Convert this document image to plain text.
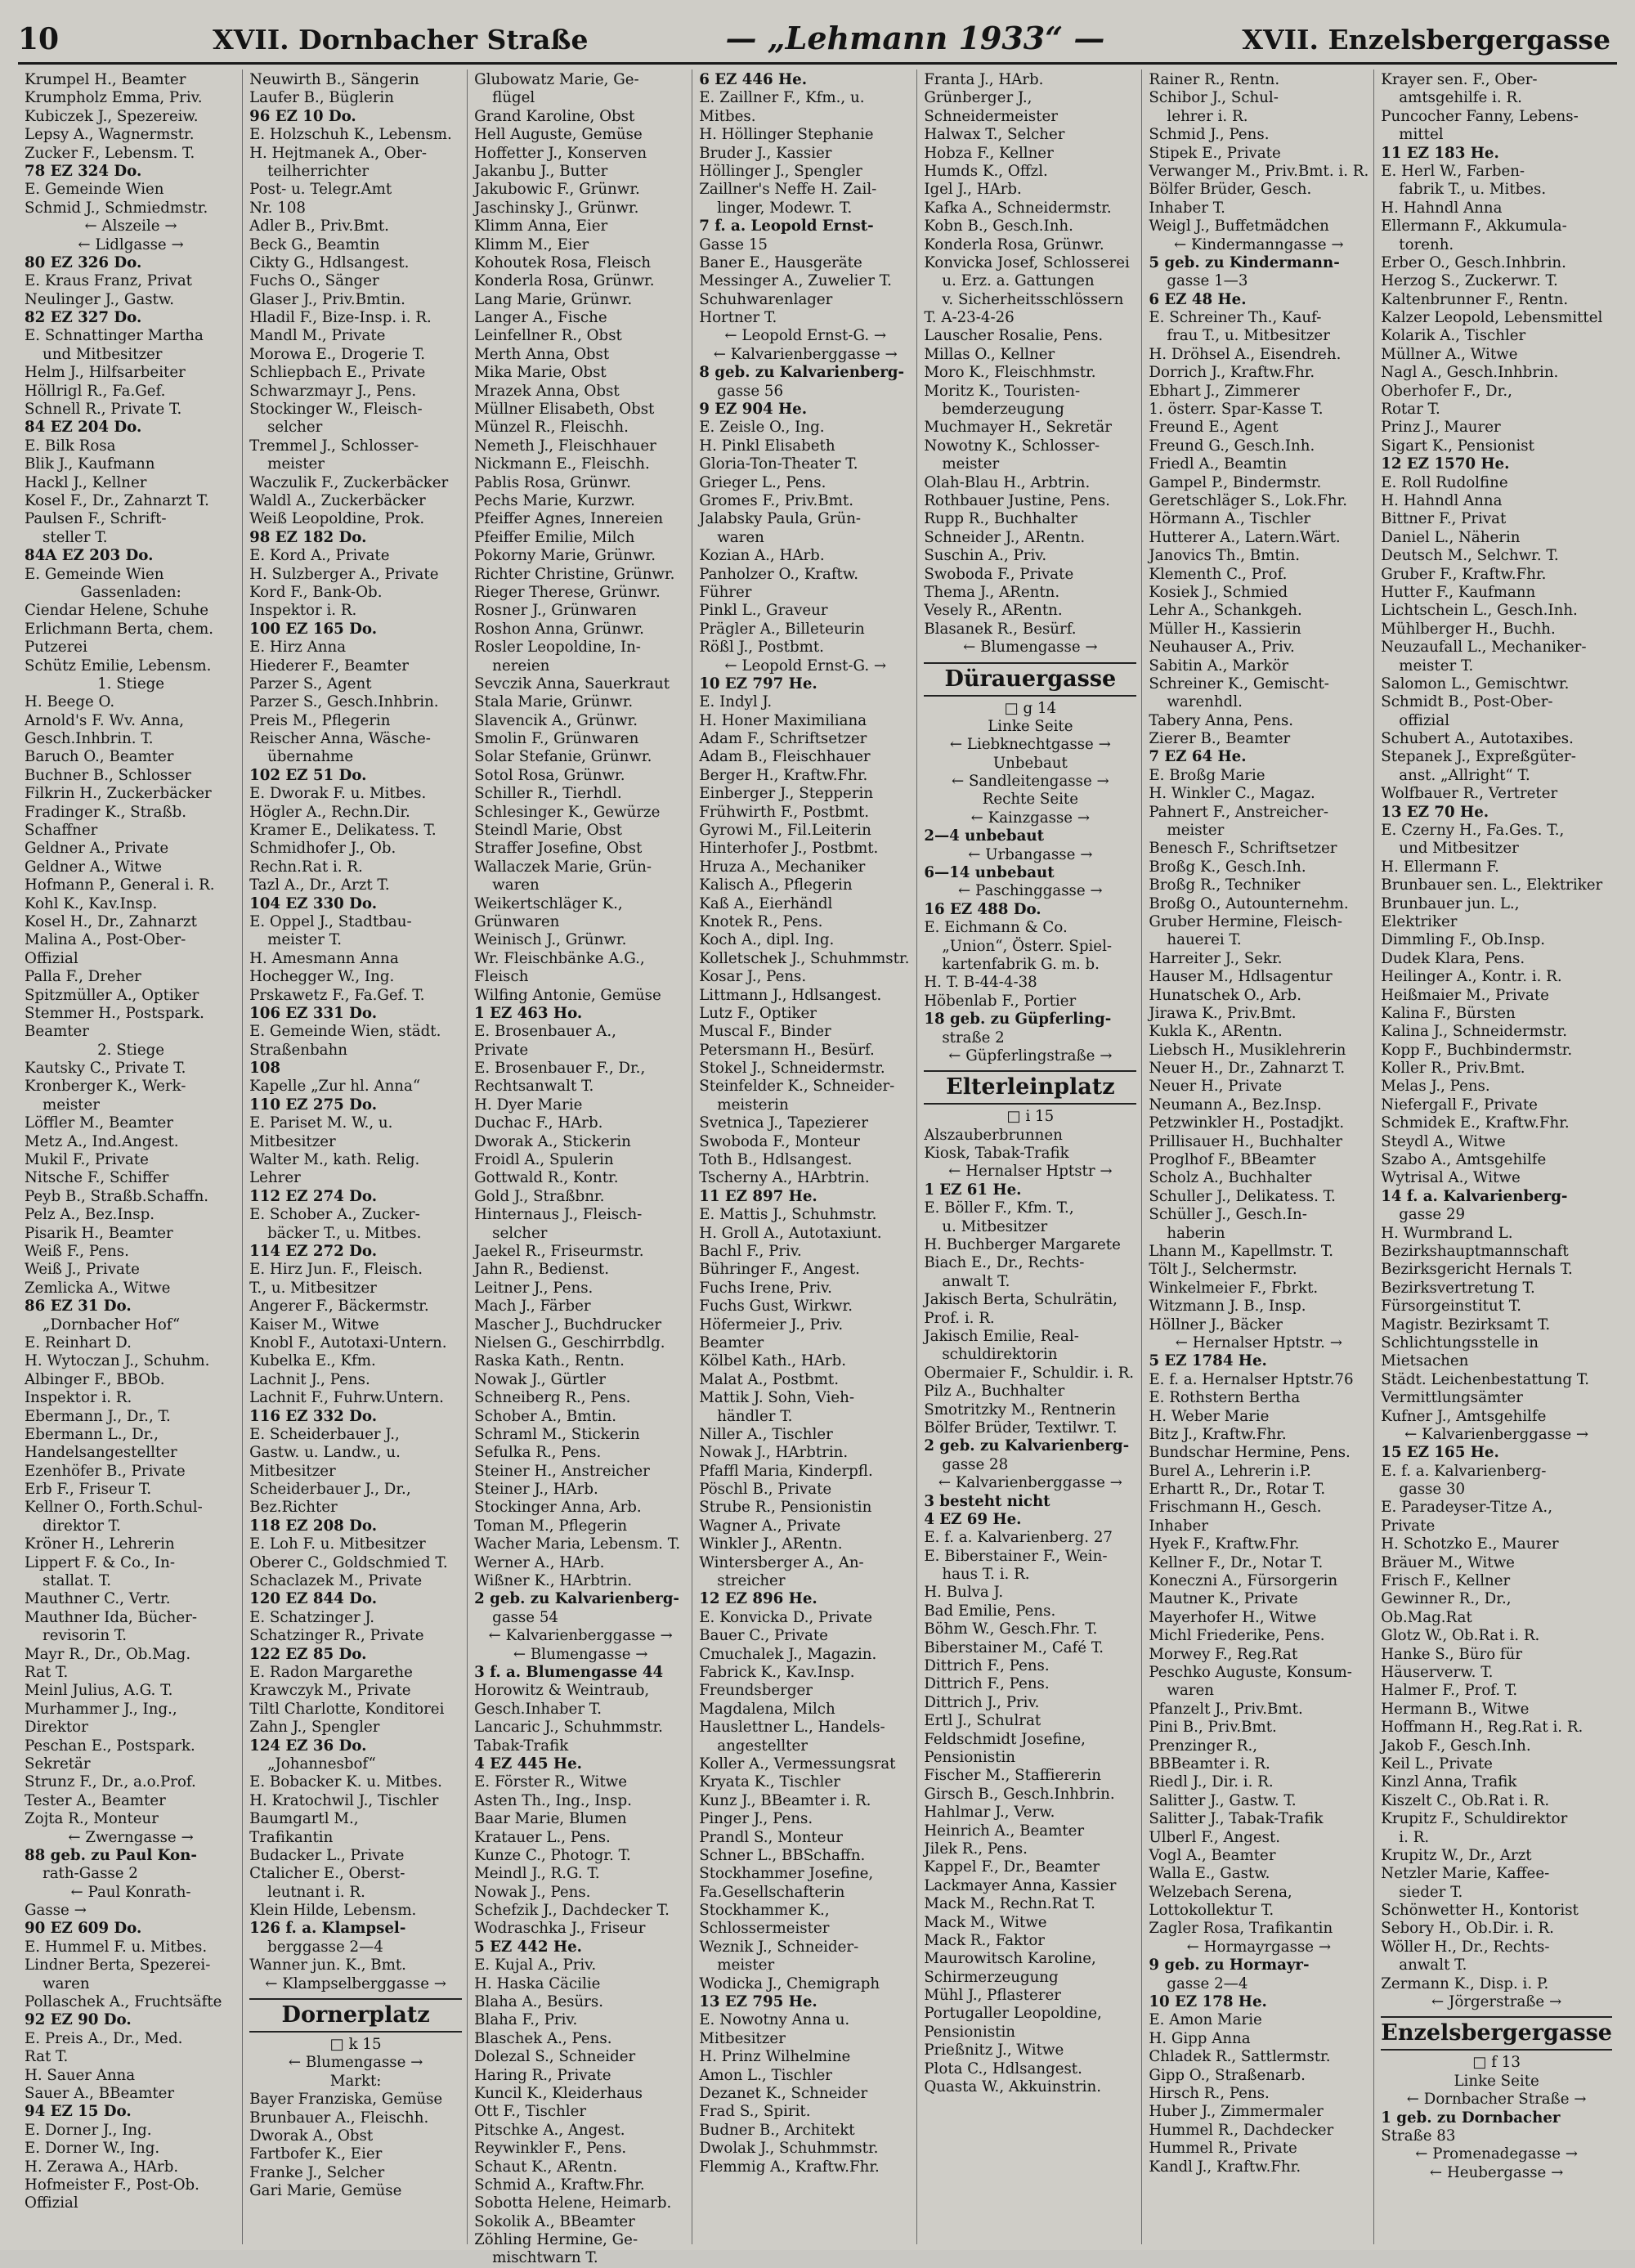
10	XVII. Dornbacher Straße	— „Lehmann 1933“ —	XVII. Enzelsbergergasse
Krumpel H., Beamter
Krumpholz Emma, Priv.
Kubiczek J., Spezereiw.
Lepsy A., Wagnermstr.
Zucker F., Lebensm. T.
78 EZ 324 Do.
E. Gemeinde Wien
Schmid J., Schmiedmstr.
← Alszeile →
← Lidlgasse →
80 EZ 326 Do.
E. Kraus Franz, Privat
Neulinger J., Gastw.
82 EZ 327 Do.
E. Schnattinger Martha
und Mitbesitzer
Helm J., Hilfsarbeiter
Höllrigl R., Fa.Gef.
Schnell R., Private T.
84 EZ 204 Do.
E. Bilk Rosa
Blik J., Kaufmann
Hackl J., Kellner
Kosel F., Dr., Zahnarzt T.
Paulsen F., Schrift-
steller T.
84A EZ 203 Do.
E. Gemeinde Wien
Gassenladen:
Ciendar Helene, Schuhe
Erlichmann Berta, chem.
Putzerei
Schütz Emilie, Lebensm.
1. Stiege
H. Beege O.
Arnold's F. Wv. Anna,
Gesch.Inhbrin. T.
Baruch O., Beamter
Buchner B., Schlosser
Filkrin H., Zuckerbäcker
Fradinger K., Straßb.
Schaffner
Geldner A., Private
Geldner A., Witwe
Hofmann P., General i. R.
Kohl K., Kav.Insp.
Kosel H., Dr., Zahnarzt
Malina A., Post-Ober-
Offizial
Palla F., Dreher
Spitzmüller A., Optiker
Stemmer H., Postspark.
Beamter
2. Stiege
Kautsky C., Private T.
Kronberger K., Werk-
meister
Löffler M., Beamter
Metz A., Ind.Angest.
Mukil F., Private
Nitsche F., Schiffer
Peyb B., Straßb.Schaffn.
Pelz A., Bez.Insp.
Pisarik H., Beamter
Weiß F., Pens.
Weiß J., Private
Zemlicka A., Witwe
86 EZ 31 Do.
„Dornbacher Hof“
E. Reinhart D.
H. Wytoczan J., Schuhm.
Albinger F., BBOb.
Inspektor i. R.
Ebermann J., Dr., T.
Ebermann L., Dr.,
Handelsangestellter
Ezenhöfer B., Private
Erb F., Friseur T.
Kellner O., Forth.Schul-
direktor T.
Kröner H., Lehrerin
Lippert F. & Co., In-
stallat. T.
Mauthner C., Vertr.
Mauthner Ida, Bücher-
revisorin T.
Mayr R., Dr., Ob.Mag.
Rat T.
Meinl Julius, A.G. T.
Murhammer J., Ing.,
Direktor
Peschan E., Postspark.
Sekretär
Strunz F., Dr., a.o.Prof.
Tester A., Beamter
Zojta R., Monteur
← Zwerngasse →
88 geb. zu Paul Kon-
rath-Gasse 2
← Paul Konrath-
Gasse →
90 EZ 609 Do.
E. Hummel F. u. Mitbes.
Lindner Berta, Spezerei-
waren
Pollaschek A., Fruchtsäfte
92 EZ 90 Do.
E. Preis A., Dr., Med.
Rat T.
H. Sauer Anna
Sauer A., BBeamter
94 EZ 15 Do.
E. Dorner J., Ing.
E. Dorner W., Ing.
H. Zerawa A., HArb.
Hofmeister F., Post-Ob.
Offizial
Neuwirth B., Sängerin
Laufer B., Büglerin
96 EZ 10 Do.
E. Holzschuh K., Lebensm.
H. Hejtmanek A., Ober-
teilherrichter
Post- u. Telegr.Amt
Nr. 108
Adler B., Priv.Bmt.
Beck G., Beamtin
Cikty G., Hdlsangest.
Fuchs O., Sänger
Glaser J., Priv.Bmtin.
Hladil F., Bize-Insp. i. R.
Mandl M., Private
Morowa E., Drogerie T.
Schliepbach E., Private
Schwarzmayr J., Pens.
Stockinger W., Fleisch-
selcher
Tremmel J., Schlosser-
meister
Waczulik F., Zuckerbäcker
Waldl A., Zuckerbäcker
Weiß Leopoldine, Prok.
98 EZ 182 Do.
E. Kord A., Private
H. Sulzberger A., Private
Kord F., Bank-Ob.
Inspektor i. R.
100 EZ 165 Do.
E. Hirz Anna
Hiederer F., Beamter
Parzer S., Agent
Parzer S., Gesch.Inhbrin.
Preis M., Pflegerin
Reischer Anna, Wäsche-
übernahme
102 EZ 51 Do.
E. Dworak F. u. Mitbes.
Högler A., Rechn.Dir.
Kramer E., Delikatess. T.
Schmidhofer J., Ob.
Rechn.Rat i. R.
Tazl A., Dr., Arzt T.
104 EZ 330 Do.
E. Oppel J., Stadtbau-
meister T.
H. Amesmann Anna
Hochegger W., Ing.
Prskawetz F., Fa.Gef. T.
106 EZ 331 Do.
E. Gemeinde Wien, städt.
Straßenbahn
108
Kapelle „Zur hl. Anna“
110 EZ 275 Do.
E. Pariset M. W., u.
Mitbesitzer
Walter M., kath. Relig.
Lehrer
112 EZ 274 Do.
E. Schober A., Zucker-
bäcker T., u. Mitbes.
114 EZ 272 Do.
E. Hirz Jun. F., Fleisch.
T., u. Mitbesitzer
Angerer F., Bäckermstr.
Kaiser M., Witwe
Knobl F., Autotaxi-Untern.
Kubelka E., Kfm.
Lachnit J., Pens.
Lachnit F., Fuhrw.Untern.
116 EZ 332 Do.
E. Scheiderbauer J.,
Gastw. u. Landw., u.
Mitbesitzer
Scheiderbauer J., Dr.,
Bez.Richter
118 EZ 208 Do.
E. Loh F. u. Mitbesitzer
Oberer C., Goldschmied T.
Schaclazek M., Private
120 EZ 844 Do.
E. Schatzinger J.
Schatzinger R., Private
122 EZ 85 Do.
E. Radon Margarethe
Krawczyk M., Private
Tiltl Charlotte, Konditorei
Zahn J., Spengler
124 EZ 36 Do.
„Johannesbof“
E. Bobacker K. u. Mitbes.
H. Kratochwil J., Tischler
Baumgartl M.,
Trafikantin
Budacker L., Private
Ctalicher E., Oberst-
leutnant i. R.
Klein Hilde, Lebensm.
126 f. a. Klampsel-
berggasse 2—4
Wanner jun. K., Bmt.
← Klampselberggasse →
Dornerplatz
□ k 15
← Blumengasse →
Markt:
Bayer Franziska, Gemüse
Brunbauer A., Fleischh.
Dworak A., Obst
Fartbofer K., Eier
Franke J., Selcher
Gari Marie, Gemüse
Glubowatz Marie, Ge-
flügel
Grand Karoline, Obst
Hell Auguste, Gemüse
Hoffetter J., Konserven
Jakanbu J., Butter
Jakubowic F., Grünwr.
Jaschinsky J., Grünwr.
Klimm Anna, Eier
Klimm M., Eier
Kohoutek Rosa, Fleisch
Konderla Rosa, Grünwr.
Lang Marie, Grünwr.
Langer A., Fische
Leinfellner R., Obst
Merth Anna, Obst
Mika Marie, Obst
Mrazek Anna, Obst
Müllner Elisabeth, Obst
Münzel R., Fleischh.
Nemeth J., Fleischhauer
Nickmann E., Fleischh.
Pablis Rosa, Grünwr.
Pechs Marie, Kurzwr.
Pfeiffer Agnes, Innereien
Pfeiffer Emilie, Milch
Pokorny Marie, Grünwr.
Richter Christine, Grünwr.
Rieger Therese, Grünwr.
Rosner J., Grünwaren
Roshon Anna, Grünwr.
Rosler Leopoldine, In-
nereien
Sevczik Anna, Sauerkraut
Stala Marie, Grünwr.
Slavencik A., Grünwr.
Smolin F., Grünwaren
Solar Stefanie, Grünwr.
Sotol Rosa, Grünwr.
Schiller R., Tierhdl.
Schlesinger K., Gewürze
Steindl Marie, Obst
Straffer Josefine, Obst
Wallaczek Marie, Grün-
waren
Weikertschläger K.,
Grünwaren
Weinisch J., Grünwr.
Wr. Fleischbänke A.G.,
Fleisch
Wilfing Antonie, Gemüse
1 EZ 463 Ho.
E. Brosenbauer A.,
Private
E. Brosenbauer F., Dr.,
Rechtsanwalt T.
H. Dyer Marie
Duchac F., HArb.
Dworak A., Stickerin
Froidl A., Spulerin
Gottwald R., Kontr.
Gold J., Straßbnr.
Hinternaus J., Fleisch-
selcher
Jaekel R., Friseurmstr.
Jahn R., Bedienst.
Leitner J., Pens.
Mach J., Färber
Mascher J., Buchdrucker
Nielsen G., Geschirrbdlg.
Raska Kath., Rentn.
Nowak J., Gürtler
Schneiberg R., Pens.
Schober A., Bmtin.
Schraml M., Stickerin
Sefulka R., Pens.
Steiner H., Anstreicher
Steiner J., HArb.
Stockinger Anna, Arb.
Toman M., Pflegerin
Wacher Maria, Lebensm. T.
Werner A., HArb.
Wißner K., HArbtrin.
2 geb. zu Kalvarienberg-
gasse 54
← Kalvarienberggasse →
← Blumengasse →
3 f. a. Blumengasse 44
Horowitz & Weintraub,
Gesch.Inhaber T.
Lancaric J., Schuhmmstr.
Tabak-Trafik
4 EZ 445 He.
E. Förster R., Witwe
Asten Th., Ing., Insp.
Baar Marie, Blumen
Kratauer L., Pens.
Kunze C., Photogr. T.
Meindl J., R.G. T.
Nowak J., Pens.
Schefzik J., Dachdecker T.
Wodraschka J., Friseur
5 EZ 442 He.
E. Kujal A., Priv.
H. Haska Cäcilie
Blaha A., Besürs.
Blaha F., Priv.
Blaschek A., Pens.
Dolezal S., Schneider
Haring R., Private
Kuncil K., Kleiderhaus
Ott F., Tischler
Pitschke A., Angest.
Reywinkler F., Pens.
Schaut K., ARentn.
Schmid A., Kraftw.Fhr.
Sobotta Helene, Heimarb.
Sokolik A., BBeamter
Zöhling Hermine, Ge-
mischtwarn T.
6 EZ 446 He.
E. Zaillner F., Kfm., u.
Mitbes.
H. Höllinger Stephanie
Bruder J., Kassier
Höllinger J., Spengler
Zaillner's Neffe H. Zail-
linger, Modewr. T.
7 f. a. Leopold Ernst-
Gasse 15
Baner E., Hausgeräte
Messinger A., Zuwelier T.
Schuhwarenlager
Hortner T.
← Leopold Ernst-G. →
← Kalvarienberggasse →
8 geb. zu Kalvarienberg-
gasse 56
9 EZ 904 He.
E. Zeisle O., Ing.
H. Pinkl Elisabeth
Gloria-Ton-Theater T.
Grieger L., Pens.
Gromes F., Priv.Bmt.
Jalabsky Paula, Grün-
waren
Kozian A., HArb.
Panholzer O., Kraftw.
Führer
Pinkl L., Graveur
Prägler A., Billeteurin
Rößl J., Postbmt.
← Leopold Ernst-G. →
10 EZ 797 He.
E. Indyl J.
H. Honer Maximiliana
Adam F., Schriftsetzer
Adam B., Fleischhauer
Berger H., Kraftw.Fhr.
Einberger J., Stepperin
Frühwirth F., Postbmt.
Gyrowi M., Fil.Leiterin
Hinterhofer J., Postbmt.
Hruza A., Mechaniker
Kalisch A., Pflegerin
Kaß A., Eierhändl
Knotek R., Pens.
Koch A., dipl. Ing.
Kolletschek J., Schuhmmstr.
Kosar J., Pens.
Littmann J., Hdlsangest.
Lutz F., Optiker
Muscal F., Binder
Petersmann H., Besürf.
Stokel J., Schneidermstr.
Steinfelder K., Schneider-
meisterin
Svetnica J., Tapezierer
Swoboda F., Monteur
Toth B., Hdlsangest.
Tscherny A., HArbtrin.
11 EZ 897 He.
E. Mattis J., Schuhmstr.
H. Groll A., Autotaxiunt.
Bachl F., Priv.
Bühringer F., Angest.
Fuchs Irene, Priv.
Fuchs Gust, Wirkwr.
Höfermeier J., Priv.
Beamter
Kölbel Kath., HArb.
Malat A., Postbmt.
Mattik J. Sohn, Vieh-
händler T.
Niller A., Tischler
Nowak J., HArbtrin.
Pfaffl Maria, Kinderpfl.
Pöschl B., Private
Strube R., Pensionistin
Wagner A., Private
Winkler J., ARentn.
Wintersberger A., An-
streicher
12 EZ 896 He.
E. Konvicka D., Private
Bauer C., Private
Cmuchalek J., Magazin.
Fabrick K., Kav.Insp.
Freundsberger
Magdalena, Milch
Hauslettner L., Handels-
angestellter
Koller A., Vermessungsrat
Kryata K., Tischler
Kunz J., BBeamter i. R.
Pinger J., Pens.
Prandl S., Monteur
Schner L., BBSchaffn.
Stockhammer Josefine,
Fa.Gesellschafterin
Stockhammer K.,
Schlossermeister
Weznik J., Schneider-
meister
Wodicka J., Chemigraph
13 EZ 795 He.
E. Nowotny Anna u.
Mitbesitzer
H. Prinz Wilhelmine
Amon L., Tischler
Dezanet K., Schneider
Frad S., Spirit.
Budner B., Architekt
Dwolak J., Schuhmmstr.
Flemmig A., Kraftw.Fhr.
Franta J., HArb.
Grünberger J.,
Schneidermeister
Halwax T., Selcher
Hobza F., Kellner
Humds K., Offzl.
Igel J., HArb.
Kafka A., Schneidermstr.
Kobn B., Gesch.Inh.
Konderla Rosa, Grünwr.
Konvicka Josef, Schlosserei
u. Erz. a. Gattungen
v. Sicherheitsschlössern
T. A-23-4-26
Lauscher Rosalie, Pens.
Millas O., Kellner
Moro K., Fleischhmstr.
Moritz K., Touristen-
bemderzeugung
Muchmayer H., Sekretär
Nowotny K., Schlosser-
meister
Olah-Blau H., Arbtrin.
Rothbauer Justine, Pens.
Rupp R., Buchhalter
Schneider J., ARentn.
Suschin A., Priv.
Swoboda F., Private
Thema J., ARentn.
Vesely R., ARentn.
Blasanek R., Besürf.
← Blumengasse →
Dürauergasse
□ g 14
Linke Seite
← Liebknechtgasse →
Unbebaut
← Sandleitengasse →
Rechte Seite
← Kainzgasse →
2—4 unbebaut
← Urbangasse →
6—14 unbebaut
← Paschinggasse →
16 EZ 488 Do.
E. Eichmann & Co.
„Union“, Österr. Spiel-
kartenfabrik G. m. b.
H. T. B-44-4-38
Höbenlab F., Portier
18 geb. zu Güpferling-
straße 2
← Güpferlingstraße →
Elterleinplatz
□ i 15
Alszauberbrunnen
Kiosk, Tabak-Trafik
← Hernalser Hptstr →
1 EZ 61 He.
E. Böller F., Kfm. T.,
u. Mitbesitzer
H. Buchberger Margarete
Biach E., Dr., Rechts-
anwalt T.
Jakisch Berta, Schulrätin,
Prof. i. R.
Jakisch Emilie, Real-
schuldirektorin
Obermaier F., Schuldir. i. R.
Pilz A., Buchhalter
Smotritzky M., Rentnerin
Bölfer Brüder, Textilwr. T.
2 geb. zu Kalvarienberg-
gasse 28
← Kalvarienberggasse →
3 besteht nicht
4 EZ 69 He.
E. f. a. Kalvarienberg. 27
E. Biberstainer F., Wein-
haus T. i. R.
H. Bulva J.
Bad Emilie, Pens.
Böhm W., Gesch.Fhr. T.
Biberstainer M., Café T.
Dittrich F., Pens.
Dittrich F., Pens.
Dittrich J., Priv.
Ertl J., Schulrat
Feldschmidt Josefine,
Pensionistin
Fischer M., Staffiererin
Girsch B., Gesch.Inhbrin.
Hahlmar J., Verw.
Heinrich A., Beamter
Jilek R., Pens.
Kappel F., Dr., Beamter
Lackmayer Anna, Kassier
Mack M., Rechn.Rat T.
Mack M., Witwe
Mack R., Faktor
Maurowitsch Karoline,
Schirmerzeugung
Mühl J., Pflasterer
Portugaller Leopoldine,
Pensionistin
Prießnitz J., Witwe
Plota C., Hdlsangest.
Quasta W., Akkuinstrin.
Rainer R., Rentn.
Schibor J., Schul-
lehrer i. R.
Schmid J., Pens.
Stipek E., Private
Verwanger M., Priv.Bmt. i. R.
Bölfer Brüder, Gesch.
Inhaber T.
Weigl J., Buffetmädchen
← Kindermanngasse →
5 geb. zu Kindermann-
gasse 1—3
6 EZ 48 He.
E. Schreiner Th., Kauf-
frau T., u. Mitbesitzer
H. Dröhsel A., Eisendreh.
Dorrich J., Kraftw.Fhr.
Ebhart J., Zimmerer
1. österr. Spar-Kasse T.
Freund E., Agent
Freund G., Gesch.Inh.
Friedl A., Beamtin
Gampel P., Bindermstr.
Geretschläger S., Lok.Fhr.
Hörmann A., Tischler
Hutterer A., Latern.Wärt.
Janovics Th., Bmtin.
Klementh C., Prof.
Kosiek J., Schmied
Lehr A., Schankgeh.
Müller H., Kassierin
Neuhauser A., Priv.
Sabitin A., Markör
Schreiner K., Gemischt-
warenhdl.
Tabery Anna, Pens.
Zierer B., Beamter
7 EZ 64 He.
E. Broßg Marie
H. Winkler C., Magaz.
Pahnert F., Anstreicher-
meister
Benesch F., Schriftsetzer
Broßg K., Gesch.Inh.
Broßg R., Techniker
Broßg O., Autounternehm.
Gruber Hermine, Fleisch-
hauerei T.
Harreiter J., Sekr.
Hauser M., Hdlsagentur
Hunatschek O., Arb.
Jirawa K., Priv.Bmt.
Kukla K., ARentn.
Liebsch H., Musiklehrerin
Neuer H., Dr., Zahnarzt T.
Neuer H., Private
Neumann A., Bez.Insp.
Petzwinkler H., Postadjkt.
Prillisauer H., Buchhalter
Proglhof F., BBeamter
Scholz A., Buchhalter
Schuller J., Delikatess. T.
Schüller J., Gesch.In-
haberin
Lhann M., Kapellmstr. T.
Tölt J., Selchermstr.
Winkelmeier F., Fbrkt.
Witzmann J. B., Insp.
Höllner J., Bäcker
← Hernalser Hptstr. →
5 EZ 1784 He.
E. f. a. Hernalser Hptstr.76
E. Rothstern Bertha
H. Weber Marie
Bitz J., Kraftw.Fhr.
Bundschar Hermine, Pens.
Burel A., Lehrerin i.P.
Erhartt R., Dr., Rotar T.
Frischmann H., Gesch.
Inhaber
Hyek F., Kraftw.Fhr.
Kellner F., Dr., Notar T.
Koneczni A., Fürsorgerin
Mautner K., Private
Mayerhofer H., Witwe
Michl Friederike, Pens.
Morwey F., Reg.Rat
Peschko Auguste, Konsum-
waren
Pfanzelt J., Priv.Bmt.
Pini B., Priv.Bmt.
Prenzinger R.,
BBBeamter i. R.
Riedl J., Dir. i. R.
Salitter J., Gastw. T.
Salitter J., Tabak-Trafik
Ulberl F., Angest.
Vogl A., Beamter
Walla E., Gastw.
Welzebach Serena,
Lottokollektur T.
Zagler Rosa, Trafikantin
← Hormayrgasse →
9 geb. zu Hormayr-
gasse 2—4
10 EZ 178 He.
E. Amon Marie
H. Gipp Anna
Chladek R., Sattlermstr.
Gipp O., Straßenarb.
Hirsch R., Pens.
Huber J., Zimmermaler
Hummel R., Dachdecker
Hummel R., Private
Kandl J., Kraftw.Fhr.
Krayer sen. F., Ober-
amtsgehilfe i. R.
Puncocher Fanny, Lebens-
mittel
11 EZ 183 He.
E. Herl W., Farben-
fabrik T., u. Mitbes.
H. Hahndl Anna
Ellermann F., Akkumula-
torenh.
Erber O., Gesch.Inhbrin.
Herzog S., Zuckerwr. T.
Kaltenbrunner F., Rentn.
Kalzer Leopold, Lebensmittel
Kolarik A., Tischler
Müllner A., Witwe
Nagl A., Gesch.Inhbrin.
Oberhofer F., Dr.,
Rotar T.
Prinz J., Maurer
Sigart K., Pensionist
12 EZ 1570 He.
E. Roll Rudolfine
H. Hahndl Anna
Bittner F., Privat
Daniel L., Näherin
Deutsch M., Selchwr. T.
Gruber F., Kraftw.Fhr.
Hutter F., Kaufmann
Lichtschein L., Gesch.Inh.
Mühlberger H., Buchh.
Neuzaufall L., Mechaniker-
meister T.
Salomon L., Gemischtwr.
Schmidt B., Post-Ober-
offizial
Schubert A., Autotaxibes.
Stepanek J., Expreßgüter-
anst. „Allright“ T.
Wolfbauer R., Vertreter
13 EZ 70 He.
E. Czerny H., Fa.Ges. T.,
und Mitbesitzer
H. Ellermann F.
Brunbauer sen. L., Elektriker
Brunbauer jun. L.,
Elektriker
Dimmling F., Ob.Insp.
Dudek Klara, Pens.
Heilinger A., Kontr. i. R.
Heißmaier M., Private
Kalina F., Bürsten
Kalina J., Schneidermstr.
Kopp F., Buchbindermstr.
Koller R., Priv.Bmt.
Melas J., Pens.
Niefergall F., Private
Schmidek E., Kraftw.Fhr.
Steydl A., Witwe
Szabo A., Amtsgehilfe
Wytrisal A., Witwe
14 f. a. Kalvarienberg-
gasse 29
H. Wurmbrand L.
Bezirkshauptmannschaft
Bezirksgericht Hernals T.
Bezirksvertretung T.
Fürsorgeinstitut T.
Magistr. Bezirksamt T.
Schlichtungsstelle in
Mietsachen
Städt. Leichenbestattung T.
Vermittlungsämter
Kufner J., Amtsgehilfe
← Kalvarienberggasse →
15 EZ 165 He.
E. f. a. Kalvarienberg-
gasse 30
E. Paradeyser-Titze A.,
Private
H. Schotzko E., Maurer
Bräuer M., Witwe
Frisch F., Kellner
Gewinner R., Dr.,
Ob.Mag.Rat
Glotz W., Ob.Rat i. R.
Hanke S., Büro für
Häuserverw. T.
Halmer F., Prof. T.
Hermann B., Witwe
Hoffmann H., Reg.Rat i. R.
Jakob F., Gesch.Inh.
Keil L., Private
Kinzl Anna, Trafik
Kiszelt C., Ob.Rat i. R.
Krupitz F., Schuldirektor
i. R.
Krupitz W., Dr., Arzt
Netzler Marie, Kaffee-
sieder T.
Schönwetter H., Kontorist
Sebory H., Ob.Dir. i. R.
Wöller H., Dr., Rechts-
anwalt T.
Zermann K., Disp. i. P.
← Jörgerstraße →
Enzelsbergergasse
□ f 13
Linke Seite
← Dornbacher Straße →
1 geb. zu Dornbacher
Straße 83
← Promenadegasse →
← Heubergasse →
